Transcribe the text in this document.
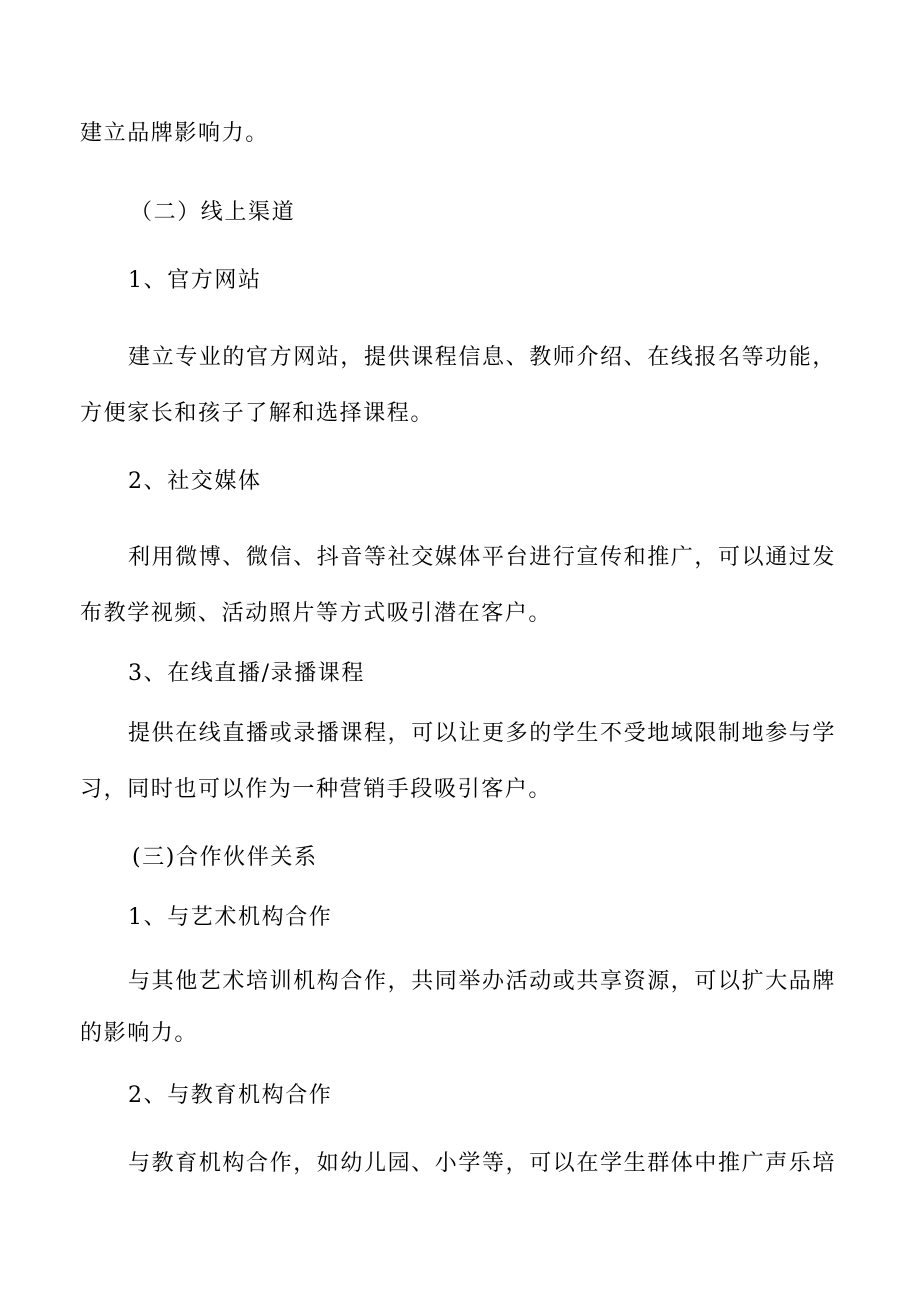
建立品牌影响力。
（二）线上渠道
1、官方网站
建立专业的官方网站，提供课程信息、教师介绍、在线报名等功能，
方便家长和孩子了解和选择课程。
2、社交媒体
利用微博、微信、抖音等社交媒体平台进行宣传和推广，可以通过发
布教学视频、活动照片等方式吸引潜在客户。
3、在线直播/录播课程
提供在线直播或录播课程，可以让更多的学生不受地域限制地参与学
习，同时也可以作为一种营销手段吸引客户。
(三)合作伙伴关系
1、与艺术机构合作
与其他艺术培训机构合作，共同举办活动或共享资源，可以扩大品牌
的影响力。
2、与教育机构合作
与教育机构合作，如幼儿园、小学等，可以在学生群体中推广声乐培
